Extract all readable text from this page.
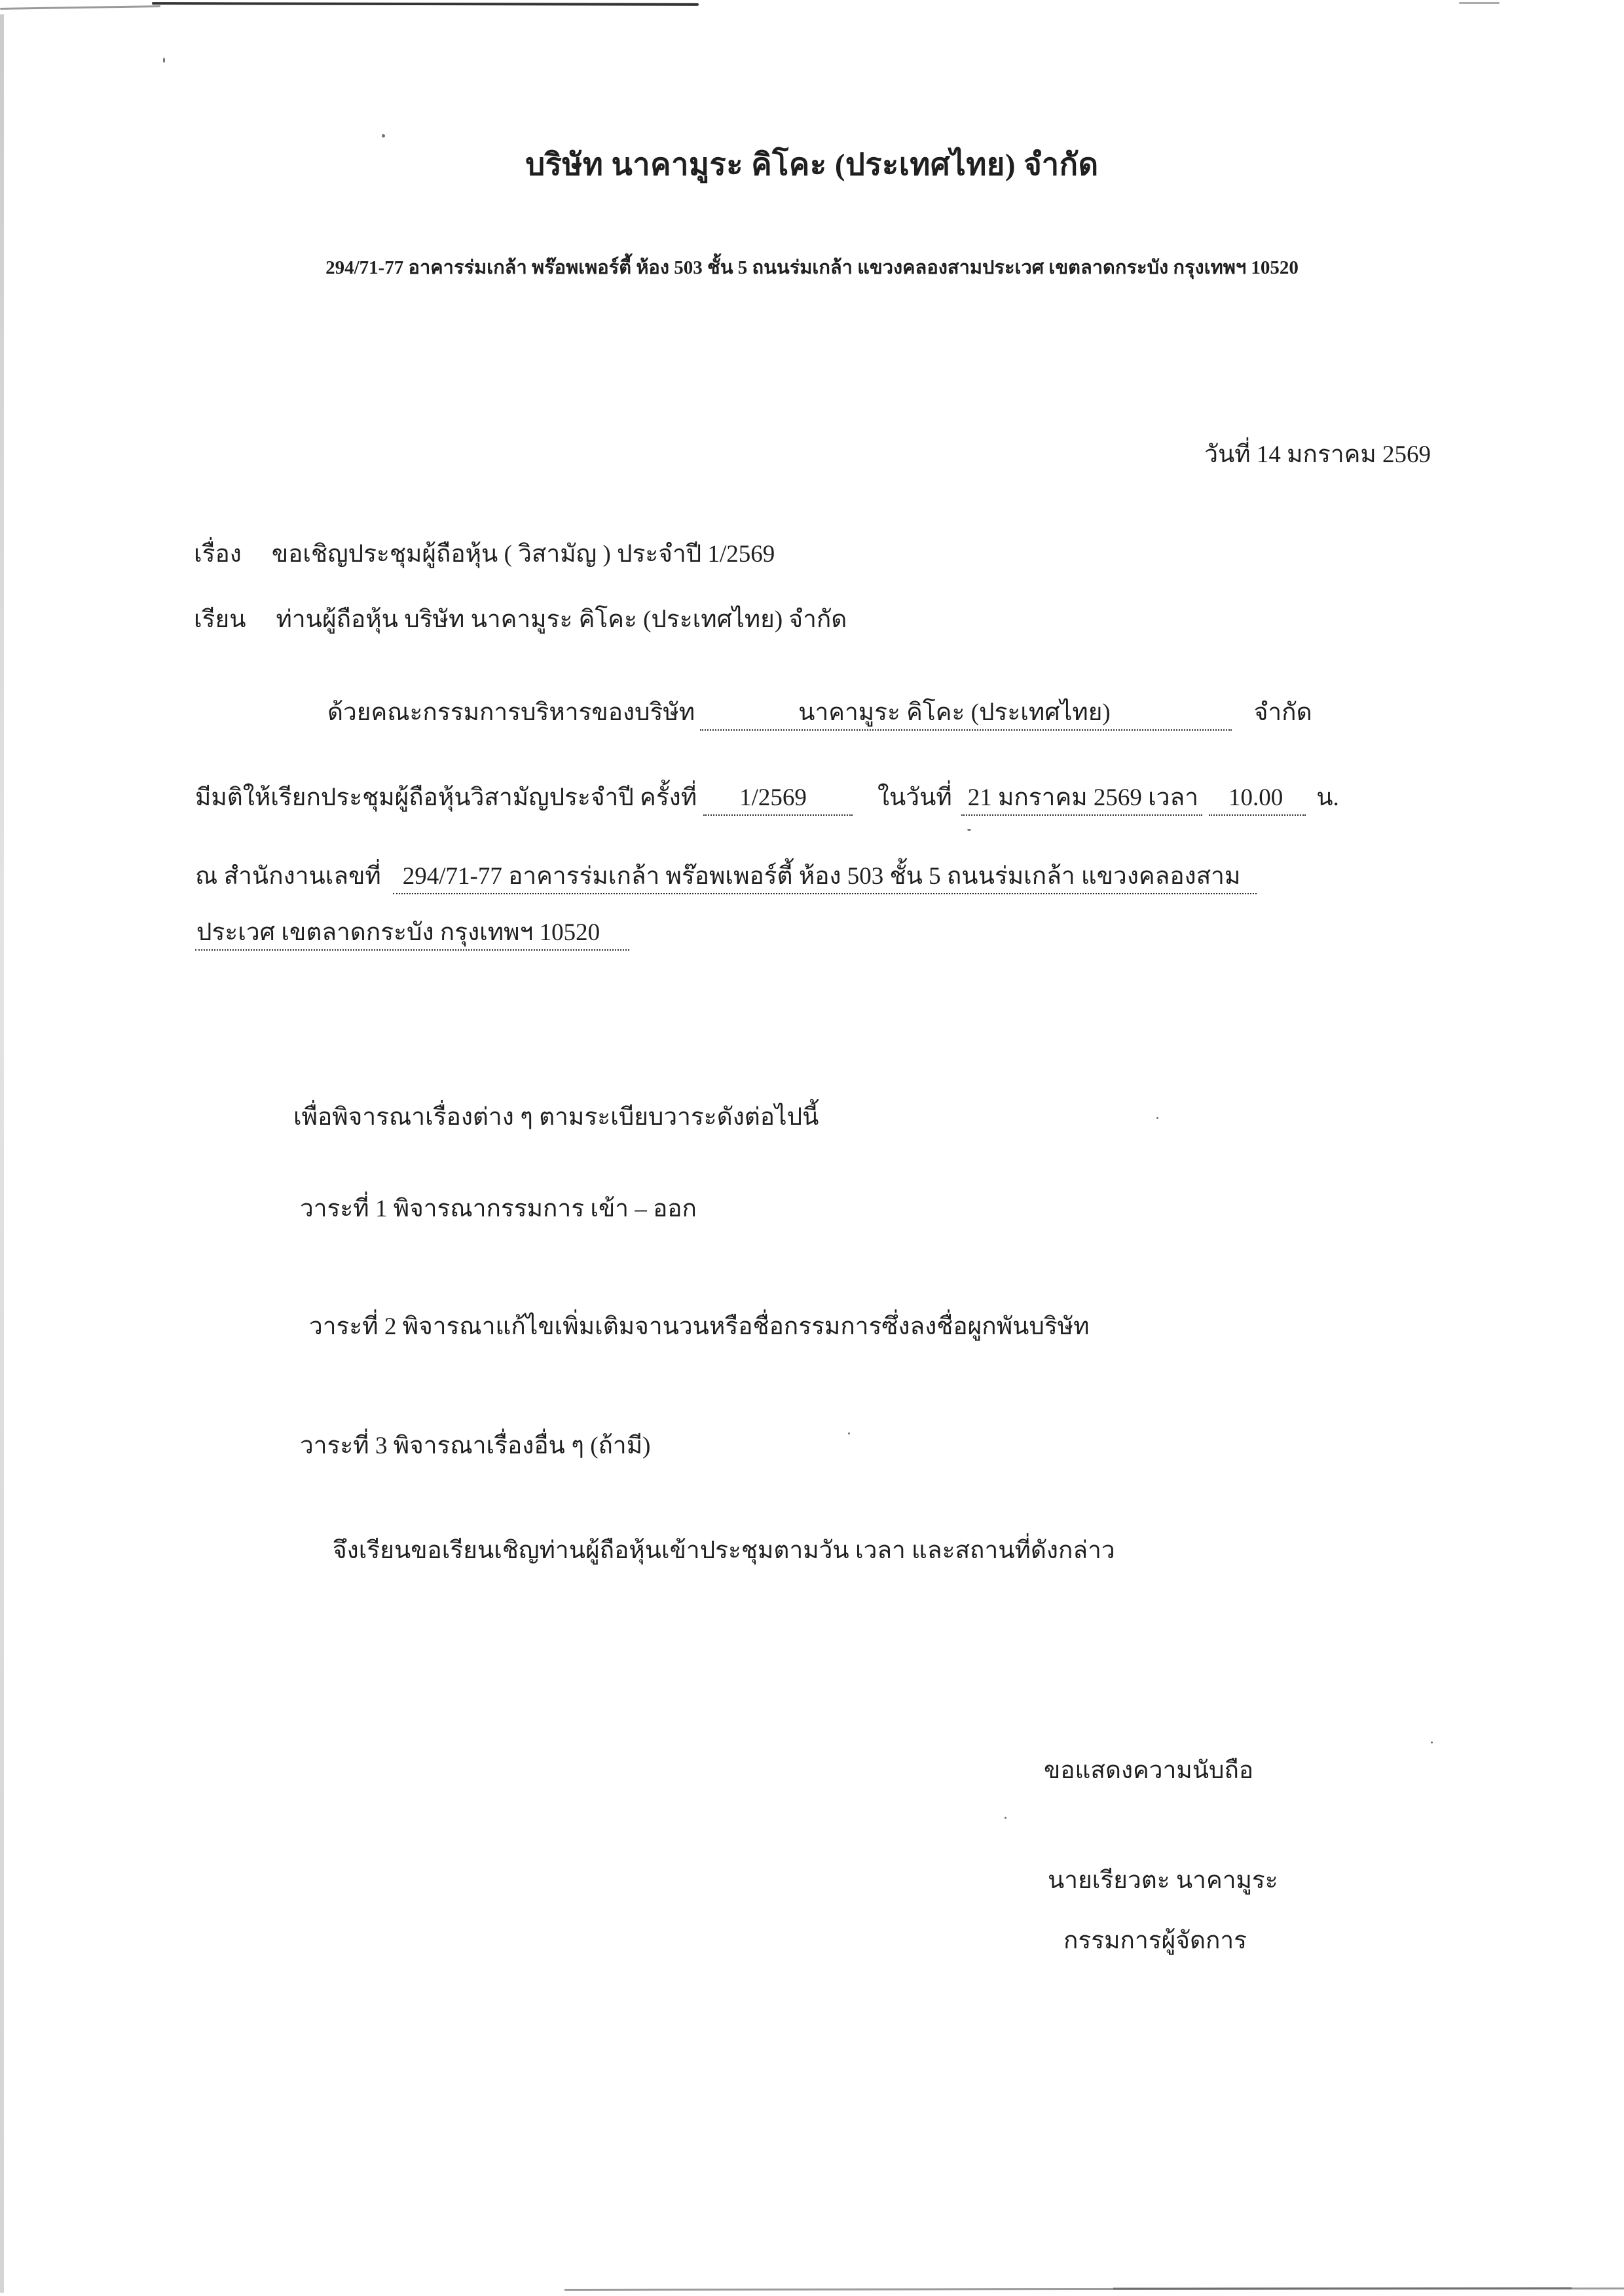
บริษัท นาคามูระ คิโคะ (ประเทศไทย) จำกัด
294/71-77 อาคารร่มเกล้า พร๊อพเพอร์ตี้ ห้อง 503 ชั้น 5 ถนนร่มเกล้า แขวงคลองสามประเวศ เขตลาดกระบัง กรุงเทพฯ 10520
วันที่ 14 มกราคม 2569
เรื่อง ขอเชิญประชุมผู้ถือหุ้น ( วิสามัญ ) ประจำปี 1/2569
เรียน ท่านผู้ถือหุ้น บริษัท นาคามูระ คิโคะ (ประเทศไทย) จำกัด
ด้วยคณะกรรมการบริหารของบริษัท	นาคามูระ คิโคะ (ประเทศไทย)	จำกัด
มีมติให้เรียกประชุมผู้ถือหุ้นวิสามัญประจำปี ครั้งที่ 1/2569	ในวันที่ 21 มกราคม 2569 เวลา 10.00 น.
ณ สำนักงานเลขที่ 294/71-77 อาคารร่มเกล้า พร๊อพเพอร์ตี้ ห้อง 503 ชั้น 5 ถนนร่มเกล้า แขวงคลองสาม
ประเวศ เขตลาดกระบัง กรุงเทพฯ 10520
เพื่อพิจารณาเรื่องต่าง ๆ ตามระเบียบวาระดังต่อไปนี้
วาระที่ 1 พิจารณากรรมการ เข้า – ออก
วาระที่ 2 พิจารณาแก้ไขเพิ่มเติมจานวนหรือชื่อกรรมการซึ่งลงชื่อผูกพันบริษัท
วาระที่ 3 พิจารณาเรื่องอื่น ๆ (ถ้ามี)
จึงเรียนขอเรียนเชิญท่านผู้ถือหุ้นเข้าประชุมตามวัน เวลา และสถานที่ดังกล่าว
ขอแสดงความนับถือ
นายเรียวตะ นาคามูระ
กรรมการผู้จัดการ
